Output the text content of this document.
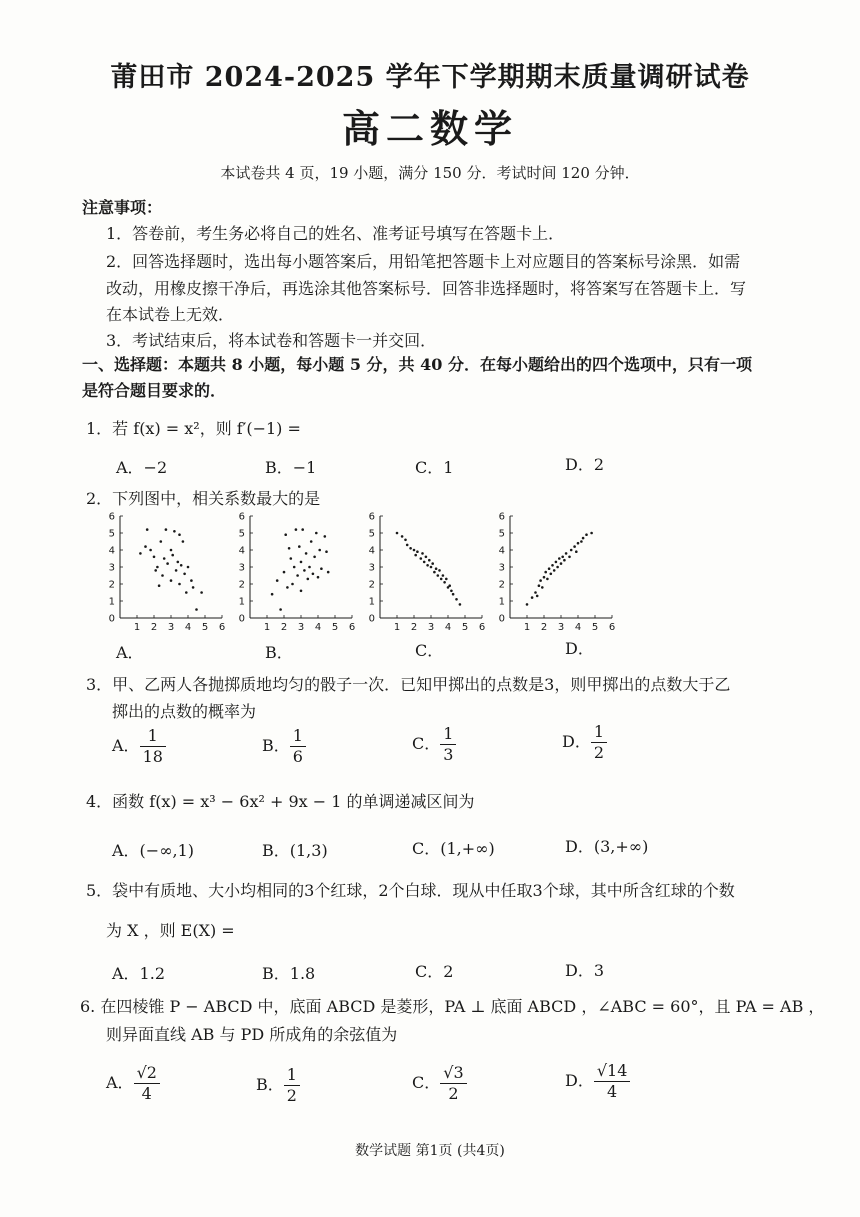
莆田市 2024-2025 学年下学期期末质量调研试卷
高二数学
本试卷共 4 页，19 小题，满分 150 分．考试时间 120 分钟．
注意事项：
1．答卷前，考生务必将自己的姓名、准考证号填写在答题卡上．
2．回答选择题时，选出每小题答案后，用铅笔把答题卡上对应题目的答案标号涂黑．如需
改动，用橡皮擦干净后，再选涂其他答案标号．回答非选择题时，将答案写在答题卡上．写
在本试卷上无效．
3．考试结束后，将本试卷和答题卡一并交回．
一、选择题：本题共 8 小题，每小题 5 分，共 40 分．在每小题给出的四个选项中，只有一项
是符合题目要求的．
1．若 f(x) = x²，则 f′(−1) =
A．−2	B．−1	C．1	D．2
2．下列图中，相关系数最大的是
1 2 3 4 5 6
0
1
2
3
4
5
6
1 2 3 4 5 6
0
1
2
3
4
5
6
1 2 3 4 5 6
0
1
2
3
4
5
6
1 2 3 4 5 6
0
1
2
3
4
5
6
A．	B．	C．	D．
3．甲、乙两人各抛掷质地均匀的骰子一次．已知甲掷出的点数是3，则甲掷出的点数大于乙
掷出的点数的概率为
A． $\frac{1}{18}$	B． $\frac{1}{6}$	C． $\frac{1}{3}$	D． $\frac{1}{2}$
4．函数 f(x) = x³ − 6x² + 9x − 1 的单调递减区间为
A．(−∞,1)	B．(1,3)	C．(1,+∞)	D．(3,+∞)
5．袋中有质地、大小均相同的3个红球，2个白球．现从中任取3个球，其中所含红球的个数
为 X ，则 E(X) =
A．1.2	B．1.8	C．2	D．3
6. 在四棱锥 P − ABCD 中，底面 ABCD 是菱形，PA ⊥ 底面 ABCD ，∠ABC = 60°，且 PA = AB ，
则异面直线 AB 与 PD 所成角的余弦值为
A． $\frac{√2}{4}$	B． $\frac{1}{2}$	C． $\frac{√3}{2}$	D． $\frac{√14}{4}$
数学试题 第1页 (共4页)
